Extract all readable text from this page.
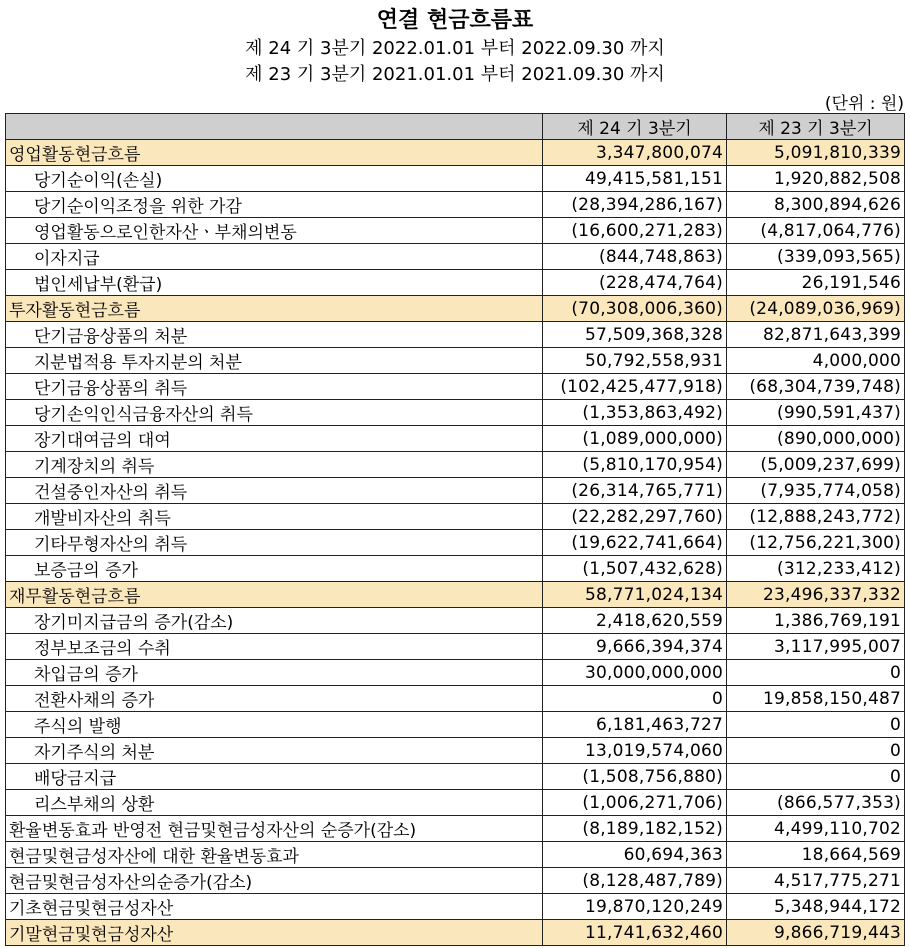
연결 현금흐름표
제 24 기 3분기 2022.01.01 부터 2022.09.30 까지
제 23 기 3분기 2021.01.01 부터 2021.09.30 까지
(단위 : 원)
	제 24 기 3분기	제 23 기 3분기
영업활동현금흐름	3,347,800,074	5,091,810,339
당기순이익(손실)	49,415,581,151	1,920,882,508
당기순이익조정을 위한 가감	(28,394,286,167)	8,300,894,626
영업활동으로인한자산ㆍ부채의변동	(16,600,271,283)	(4,817,064,776)
이자지급	(844,748,863)	(339,093,565)
법인세납부(환급)	(228,474,764)	26,191,546
투자활동현금흐름	(70,308,006,360)	(24,089,036,969)
단기금융상품의 처분	57,509,368,328	82,871,643,399
지분법적용 투자지분의 처분	50,792,558,931	4,000,000
단기금융상품의 취득	(102,425,477,918)	(68,304,739,748)
당기손익인식금융자산의 취득	(1,353,863,492)	(990,591,437)
장기대여금의 대여	(1,089,000,000)	(890,000,000)
기계장치의 취득	(5,810,170,954)	(5,009,237,699)
건설중인자산의 취득	(26,314,765,771)	(7,935,774,058)
개발비자산의 취득	(22,282,297,760)	(12,888,243,772)
기타무형자산의 취득	(19,622,741,664)	(12,756,221,300)
보증금의 증가	(1,507,432,628)	(312,233,412)
재무활동현금흐름	58,771,024,134	23,496,337,332
장기미지급금의 증가(감소)	2,418,620,559	1,386,769,191
정부보조금의 수취	9,666,394,374	3,117,995,007
차입금의 증가	30,000,000,000	0
전환사채의 증가	0	19,858,150,487
주식의 발행	6,181,463,727	0
자기주식의 처분	13,019,574,060	0
배당금지급	(1,508,756,880)	0
리스부채의 상환	(1,006,271,706)	(866,577,353)
환율변동효과 반영전 현금및현금성자산의 순증가(감소)	(8,189,182,152)	4,499,110,702
현금및현금성자산에 대한 환율변동효과	60,694,363	18,664,569
현금및현금성자산의순증가(감소)	(8,128,487,789)	4,517,775,271
기초현금및현금성자산	19,870,120,249	5,348,944,172
기말현금및현금성자산	11,741,632,460	9,866,719,443
